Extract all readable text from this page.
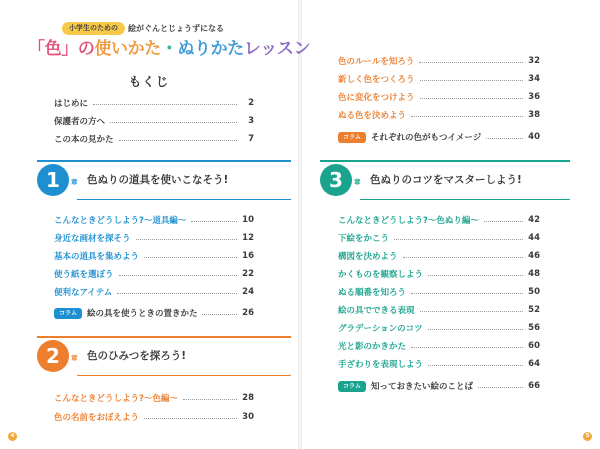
小学生のための	絵がぐんとじょうずになる
「色」の使いかた・ぬりかたレッスン
もくじ
はじめに	2
保護者の方へ	3
この本の見かた	7
1	章 色ぬりの道具を使いこなそう!
こんなときどうしよう?～道具編～	10
身近な画材を探そう	12
基本の道具を集めよう	16
使う紙を選ぼう	22
便利なアイテム	24
コラム	絵の具を使うときの置きかた	26
2	章 色のひみつを探ろう!
こんなときどうしよう?～色編～	28
色の名前をおぼえよう	30
色のルールを知ろう	32
新しく色をつくろう	34
色に変化をつけよう	36
ぬる色を決めよう	38
コラム	それぞれの色がもつイメージ	40
3	章 色ぬりのコツをマスターしよう!
こんなときどうしよう?～色ぬり編～	42
下絵をかこう	44
構図を決めよう	46
かくものを観察しよう	48
ぬる順番を知ろう	50
絵の具でできる表現	52
グラデーションのコツ	56
光と影のかきかた	60
手ざわりを表現しよう	64
コラム	知っておきたい絵のことば	66
4	5
